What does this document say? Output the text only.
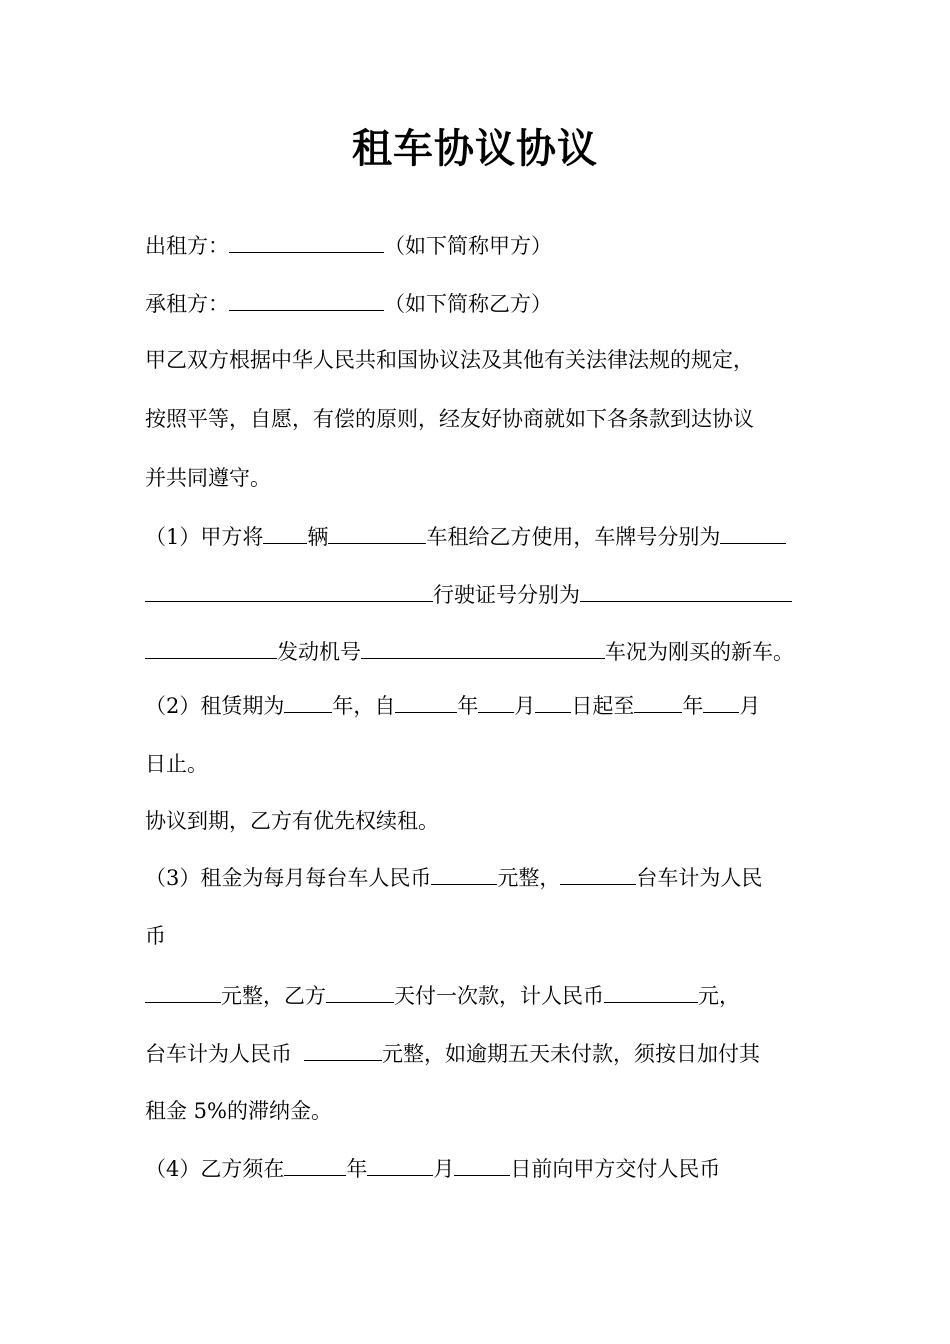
租车协议协议
出租方：	（如下简称甲方）
承租方：	（如下简称乙方）
甲乙双方根据中华人民共和国协议法及其他有关法律法规的规定，
按照平等，自愿，有偿的原则，经友好协商就如下各条款到达协议
并共同遵守。
（1）甲方将 辆	车租给乙方使用，车牌号分别为
行驶证号分别为
发动机号	车况为刚买的新车。
（2）租赁期为 年，自	年 月 日起至 年 月
日止。
协议到期，乙方有优先权续租。
（3）租金为每月每台车人民币	元整，	台车计为人民
币
元整，乙方	天付一次款，计人民币	元，
台车计为人民币	元整，如逾期五天未付款，须按日加付其
租金 5%的滞纳金。
（4）乙方须在	年	月	日前向甲方交付人民币
